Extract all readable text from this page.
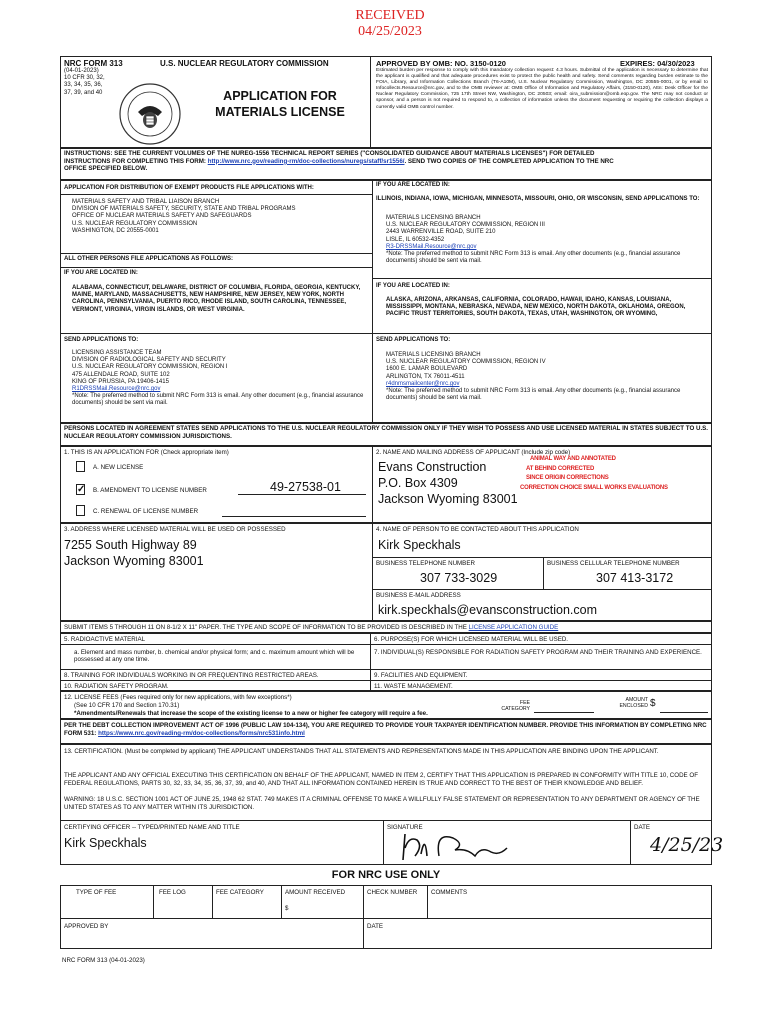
RECEIVED
04/25/2023
NRC FORM 313	U.S. NUCLEAR REGULATORY COMMISSION
(04-01-2023)
10 CFR 30, 32,
33, 34, 35, 36,
37, 39, and 40	APPLICATION FOR
MATERIALS LICENSE
APPROVED BY OMB: NO. 3150-0120	EXPIRES: 04/30/2023
Estimated burden per response to comply with this mandatory collection request: 4.3 hours. Submittal of the application is necessary to determine that the applicant is qualified and that adequate procedures exist to protect the public health and safety. Send comments regarding burden estimate to the FOIA, Library, and Information Collections Branch (T6-A10M), U.S. Nuclear Regulatory Commission, Washington, DC 20555-0001, or by email to Infocollects.Resource@nrc.gov, and to the OMB reviewer at: OMB Office of Information and Regulatory Affairs, (3150-0120), Attn: Desk Officer for the Nuclear Regulatory Commission, 725 17th Street NW, Washington, DC 20503; email: oira_submission@omb.eop.gov. The NRC may not conduct or sponsor, and a person is not required to respond to, a collection of information unless the document requesting or requiring the collection displays a currently valid OMB control number.
INSTRUCTIONS: SEE THE CURRENT VOLUMES OF THE NUREG-1556 TECHNICAL REPORT SERIES ("CONSOLIDATED GUIDANCE ABOUT MATERIALS LICENSES") FOR DETAILED
INSTRUCTIONS FOR COMPLETING THIS FORM: http://www.nrc.gov/reading-rm/doc-collections/nuregs/staff/sr1556/. SEND TWO COPIES OF THE COMPLETED APPLICATION TO THE NRC
OFFICE SPECIFIED BELOW.
APPLICATION FOR DISTRIBUTION OF EXEMPT PRODUCTS FILE APPLICATIONS WITH:
MATERIALS SAFETY AND TRIBAL LIAISON BRANCH
DIVISION OF MATERIALS SAFETY, SECURITY, STATE AND TRIBAL PROGRAMS
OFFICE OF NUCLEAR MATERIALS SAFETY AND SAFEGUARDS
U.S. NUCLEAR REGULATORY COMMISSION
WASHINGTON, DC 20555-0001
ALL OTHER PERSONS FILE APPLICATIONS AS FOLLOWS:
IF YOU ARE LOCATED IN:
ALABAMA, CONNECTICUT, DELAWARE, DISTRICT OF COLUMBIA, FLORIDA, GEORGIA, KENTUCKY, MAINE, MARYLAND, MASSACHUSETTS, NEW HAMPSHIRE, NEW JERSEY, NEW YORK, NORTH CAROLINA, PENNSYLVANIA, PUERTO RICO, RHODE ISLAND, SOUTH CAROLINA, TENNESSEE, VERMONT, VIRGINIA, VIRGIN ISLANDS, OR WEST VIRGINIA.
SEND APPLICATIONS TO:
LICENSING ASSISTANCE TEAM
DIVISION OF RADIOLOGICAL SAFETY AND SECURITY
U.S. NUCLEAR REGULATORY COMMISSION, REGION I
475 ALLENDALE ROAD, SUITE 102
KING OF PRUSSIA, PA 19406-1415
R1DRSSMail.Resource@nrc.gov
*Note: The preferred method to submit NRC Form 313 is email. Any other document (e.g., financial assurance documents) should be sent via mail.
IF YOU ARE LOCATED IN:
ILLINOIS, INDIANA, IOWA, MICHIGAN, MINNESOTA, MISSOURI, OHIO, OR WISCONSIN, SEND APPLICATIONS TO:
MATERIALS LICENSING BRANCH
U.S. NUCLEAR REGULATORY COMMISSION, REGION III
2443 WARRENVILLE ROAD, SUITE 210
LISLE, IL 60532-4352
R3-DRSSMail.Resource@nrc.gov
*Note: The preferred method to submit NRC Form 313 is email. Any other documents (e.g., financial assurance documents) should be sent via mail.
IF YOU ARE LOCATED IN:
ALASKA, ARIZONA, ARKANSAS, CALIFORNIA, COLORADO, HAWAII, IDAHO, KANSAS, LOUISIANA, MISSISSIPPI, MONTANA, NEBRASKA, NEVADA, NEW MEXICO, NORTH DAKOTA, OKLAHOMA, OREGON, PACIFIC TRUST TERRITORIES, SOUTH DAKOTA, TEXAS, UTAH, WASHINGTON, OR WYOMING,
SEND APPLICATIONS TO:
MATERIALS LICENSING BRANCH
U.S. NUCLEAR REGULATORY COMMISSION, REGION IV
1600 E. LAMAR BOULEVARD
ARLINGTON, TX 76011-4511
r4dnmsmailcenter@nrc.gov
*Note: The preferred method to submit NRC Form 313 is email. Any other documents (e.g., financial assurance documents) should be sent via mail.
PERSONS LOCATED IN AGREEMENT STATES SEND APPLICATIONS TO THE U.S. NUCLEAR REGULATORY COMMISSION ONLY IF THEY WISH TO POSSESS AND USE LICENSED MATERIAL IN STATES SUBJECT TO U.S. NUCLEAR REGULATORY COMMISSION JURISDICTIONS.
1. THIS IS AN APPLICATION FOR (Check appropriate item)
A. NEW LICENSE
✓ B. AMENDMENT TO LICENSE NUMBER	49-27538-01
C. RENEWAL OF LICENSE NUMBER
2. NAME AND MAILING ADDRESS OF APPLICANT (Include zip code)
Evans Construction
P.O. Box 4309
Jackson Wyoming 83001
ANIMAL WAY AND ANNOTATED
AT BEHIND CORRECTED
SINCE ORIGIN CORRECTIONS
CORRECTION CHOICE SMALL WORKS EVALUATIONS
3. ADDRESS WHERE LICENSED MATERIAL WILL BE USED OR POSSESSED
7255 South Highway 89
Jackson Wyoming 83001
4. NAME OF PERSON TO BE CONTACTED ABOUT THIS APPLICATION
Kirk Speckhals
BUSINESS TELEPHONE NUMBER
307 733-3029
BUSINESS CELLULAR TELEPHONE NUMBER
307 413-3172
BUSINESS E-MAIL ADDRESS
kirk.speckhals@evansconstruction.com
SUBMIT ITEMS 5 THROUGH 11 ON 8-1/2 X 11" PAPER. THE TYPE AND SCOPE OF INFORMATION TO BE PROVIDED IS DESCRIBED IN THE LICENSE APPLICATION GUIDE
5. RADIOACTIVE MATERIAL
a. Element and mass number, b. chemical and/or physical form; and c. maximum amount which will be possessed at any one time.
6. PURPOSE(S) FOR WHICH LICENSED MATERIAL WILL BE USED.
7. INDIVIDUAL(S) RESPONSIBLE FOR RADIATION SAFETY PROGRAM AND THEIR TRAINING AND EXPERIENCE.
8. TRAINING FOR INDIVIDUALS WORKING IN OR FREQUENTING RESTRICTED AREAS.	9. FACILITIES AND EQUIPMENT.
10. RADIATION SAFETY PROGRAM.	11. WASTE MANAGEMENT.
12. LICENSE FEES (Fees required only for new applications, with few exceptions*)
(See 10 CFR 170 and Section 170.31)
*Amendments/Renewals that increase the scope of the existing license to a new or higher fee category will require a fee.
FEE CATEGORY
AMOUNT ENCLOSED $
PER THE DEBT COLLECTION IMPROVEMENT ACT OF 1996 (PUBLIC LAW 104-134), YOU ARE REQUIRED TO PROVIDE YOUR TAXPAYER IDENTIFICATION NUMBER. PROVIDE THIS INFORMATION BY COMPLETING NRC FORM 531: https://www.nrc.gov/reading-rm/doc-collections/forms/nrc531info.html
13. CERTIFICATION. (Must be completed by applicant) THE APPLICANT UNDERSTANDS THAT ALL STATEMENTS AND REPRESENTATIONS MADE IN THIS APPLICATION ARE BINDING UPON THE APPLICANT.
THE APPLICANT AND ANY OFFICIAL EXECUTING THIS CERTIFICATION ON BEHALF OF THE APPLICANT, NAMED IN ITEM 2, CERTIFY THAT THIS APPLICATION IS PREPARED IN CONFORMITY WITH TITLE 10, CODE OF FEDERAL REGULATIONS, PARTS 30, 32, 33, 34, 35, 36, 37, 39, and 40, AND THAT ALL INFORMATION CONTAINED HEREIN IS TRUE AND CORRECT TO THE BEST OF THEIR KNOWLEDGE AND BELIEF.
WARNING: 18 U.S.C. SECTION 1001 ACT OF JUNE 25, 1948 62 STAT. 749 MAKES IT A CRIMINAL OFFENSE TO MAKE A WILLFULLY FALSE STATEMENT OR REPRESENTATION TO ANY DEPARTMENT OR AGENCY OF THE UNITED STATES AS TO ANY MATTER WITHIN ITS JURISDICTION.
CERTIFYING OFFICER -- TYPED/PRINTED NAME AND TITLE
Kirk Speckhals
SIGNATURE	DATE
4/25/23
FOR NRC USE ONLY
TYPE OF FEE	FEE LOG	FEE CATEGORY	AMOUNT RECEIVED
$
CHECK NUMBER COMMENTS
APPROVED BY	DATE
NRC FORM 313 (04-01-2023)
